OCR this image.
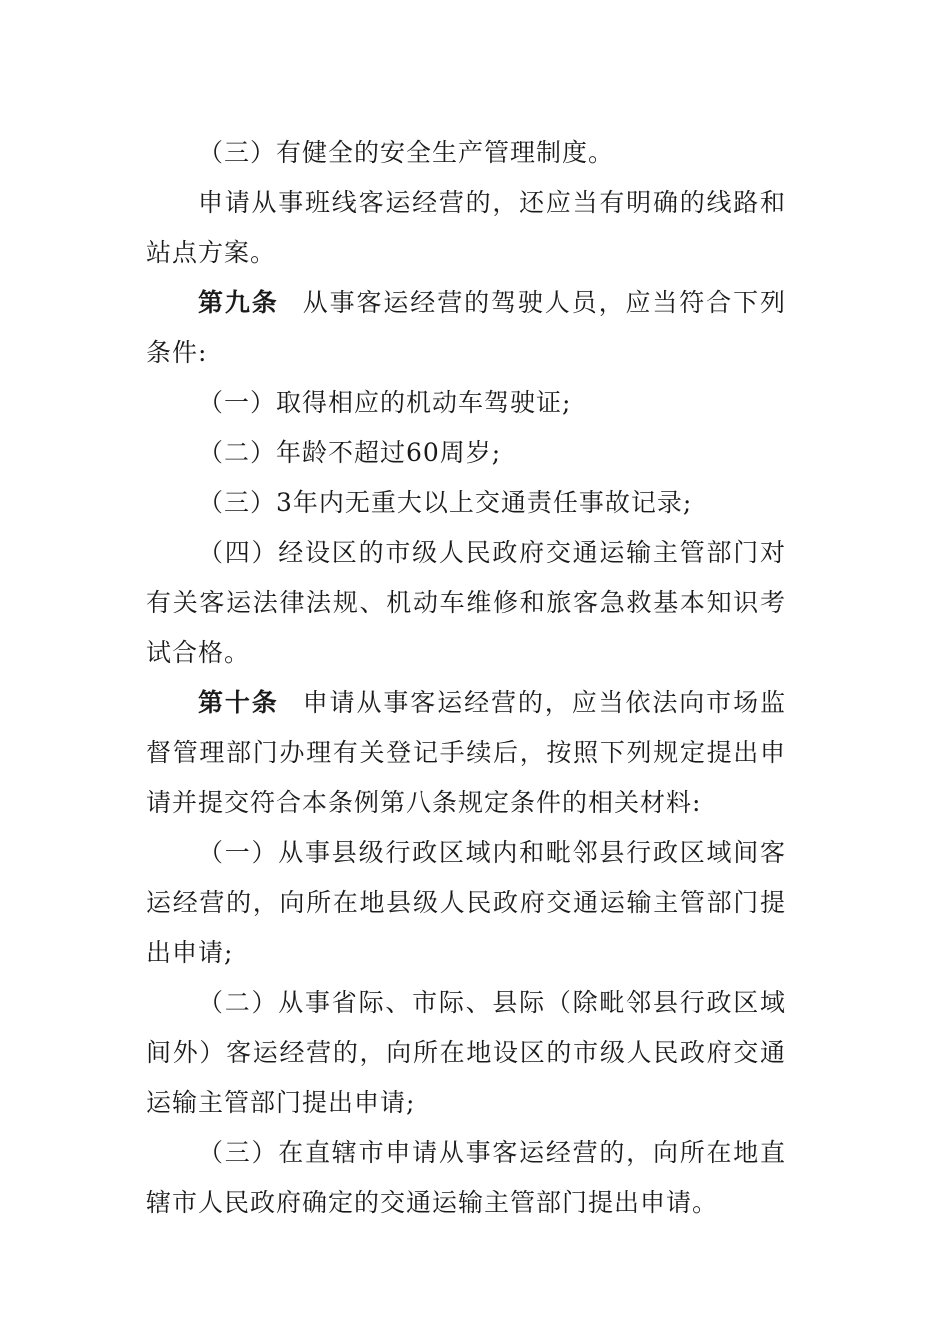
（三）有健全的安全生产管理制度。

申请从事班线客运经营的，还应当有明确的线路和站点方案。

第九条 从事客运经营的驾驶人员，应当符合下列条件:

（一）取得相应的机动车驾驶证;

（二）年龄不超过60周岁;

（三）3年内无重大以上交通责任事故记录;

（四）经设区的市级人民政府交通运输主管部门对有关客运法律法规、机动车维修和旅客急救基本知识考试合格。

第十条 申请从事客运经营的，应当依法向市场监督管理部门办理有关登记手续后，按照下列规定提出申请并提交符合本条例第八条规定条件的相关材料:

（一）从事县级行政区域内和毗邻县行政区域间客运经营的，向所在地县级人民政府交通运输主管部门提出申请;

（二）从事省际、市际、县际（除毗邻县行政区域间外）客运经营的，向所在地设区的市级人民政府交通运输主管部门提出申请;

（三）在直辖市申请从事客运经营的，向所在地直辖市人民政府确定的交通运输主管部门提出申请。
